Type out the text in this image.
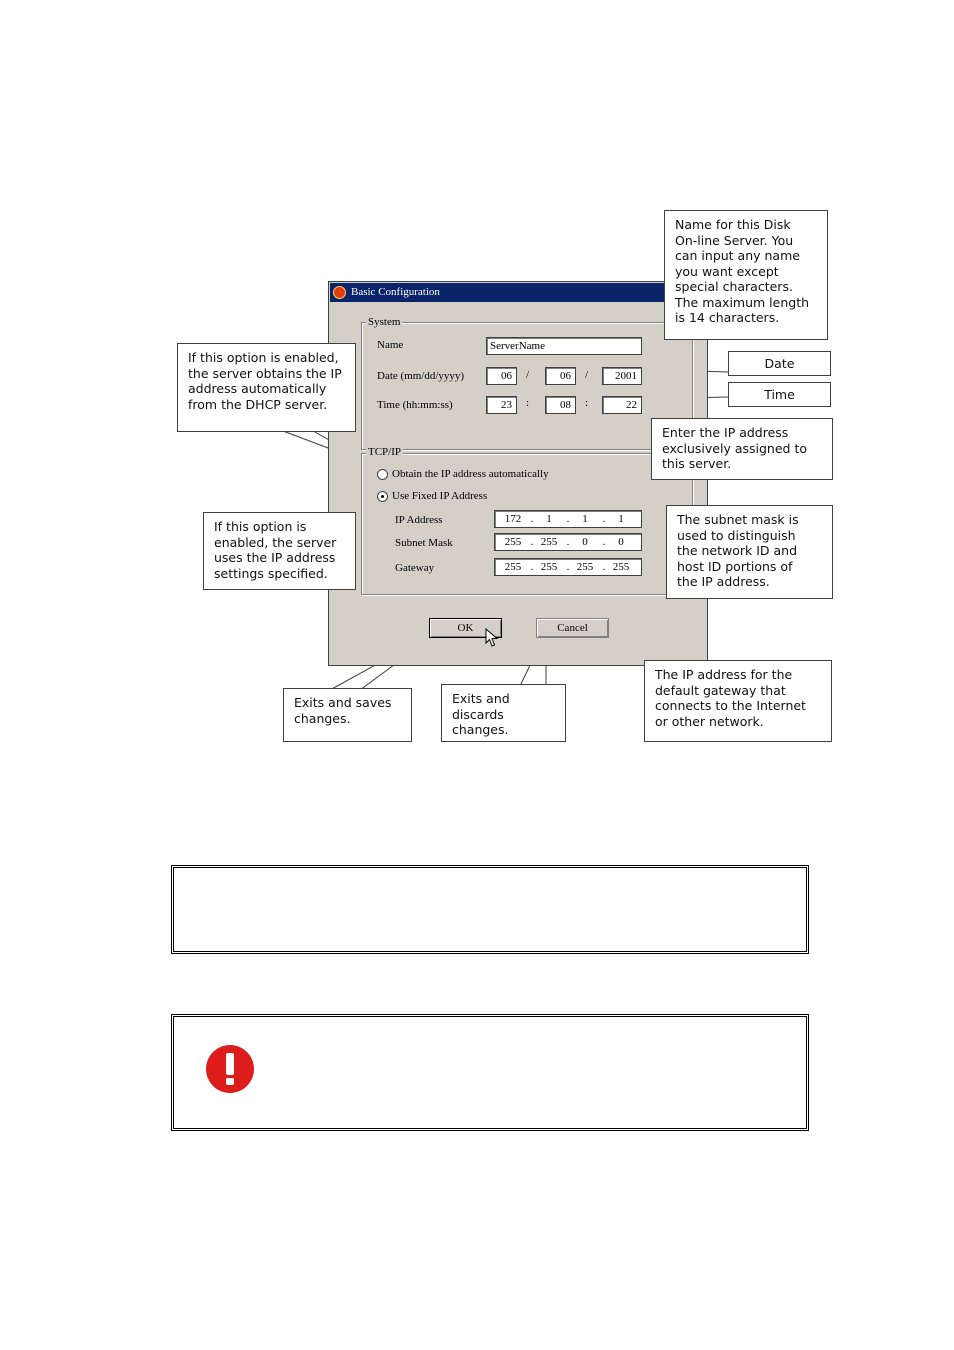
Basic Configuration
System
Name	ServerName
Date (mm/dd/yyyy)	06	/	06	/	2001
Time (hh:mm:ss)	23	:	08	:	22
TCP/IP
Obtain the IP address automatically
Use Fixed IP Address
IP Address	172 .	1	.	1	.	1
Subnet Mask	255 . 255 .	0	.	0
Gateway	255 . 255 . 255 . 255
OK	Cancel
Name for this Disk
On-line Server. You
can input any name
you want except
special characters.
The maximum length
is 14 characters.
Date
Time
If this option is enabled,
the server obtains the IP
address automatically
from the DHCP server.
Enter the IP address
exclusively assigned to
this server.
If this option is
enabled, the server
uses the IP address
settings specified.
The subnet mask is
used to distinguish
the network ID and
host ID portions of
the IP address.
The IP address for the
default gateway that
connects to the Internet
or other network.
Exits and saves
changes.
Exits and
discards
changes.
